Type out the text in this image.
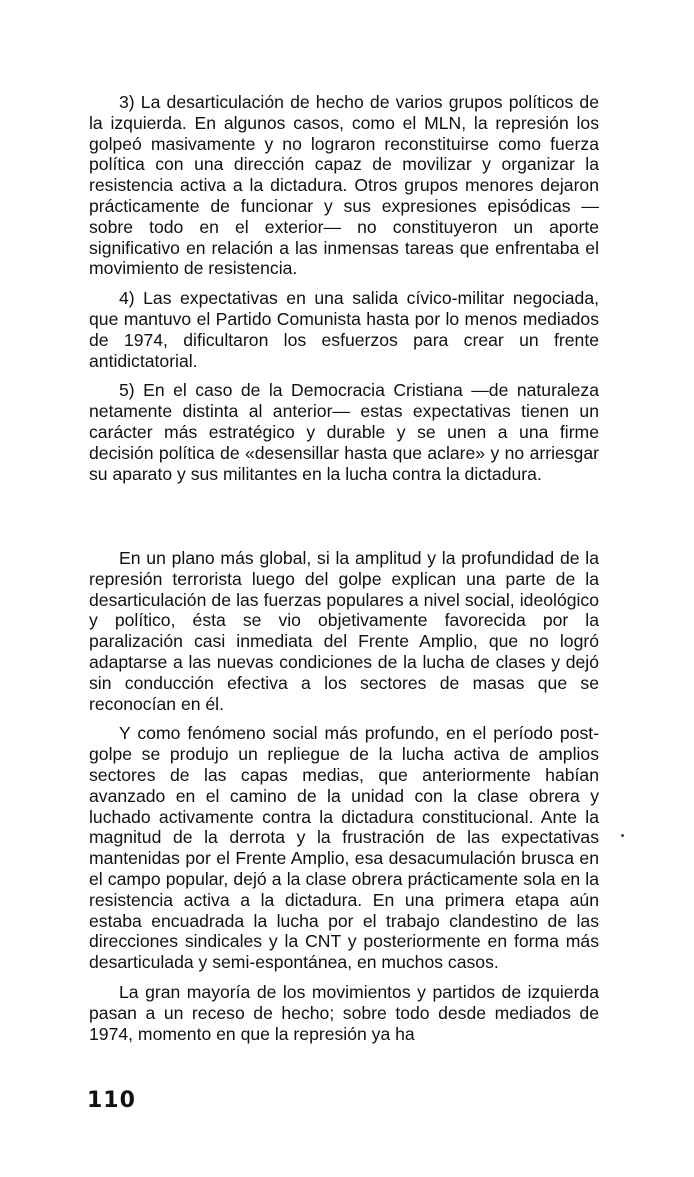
3) La desarticulación de hecho de varios grupos políticos de la izquierda. En algunos casos, como el MLN, la represión los golpeó masivamente y no lograron reconstituirse como fuerza política con una dirección capaz de movilizar y organizar la resistencia activa a la dictadura. Otros grupos menores dejaron prácticamente de funcionar y sus expresiones episódicas —sobre todo en el exterior— no constituyeron un aporte significativo en relación a las inmensas tareas que enfrentaba el movimiento de resistencia.

4) Las expectativas en una salida cívico-militar negociada, que mantuvo el Partido Comunista hasta por lo menos mediados de 1974, dificultaron los esfuerzos para crear un frente antidictatorial.

5) En el caso de la Democracia Cristiana —de naturaleza netamente distinta al anterior— estas expectativas tienen un carácter más estratégico y durable y se unen a una firme decisión política de «desensillar hasta que aclare» y no arriesgar su aparato y sus militantes en la lucha contra la dictadura.

En un plano más global, si la amplitud y la profundidad de la represión terrorista luego del golpe explican una parte de la desarticulación de las fuerzas populares a nivel social, ideológico y político, ésta se vio objetivamente favorecida por la paralización casi inmediata del Frente Amplio, que no logró adaptarse a las nuevas condiciones de la lucha de clases y dejó sin conducción efectiva a los sectores de masas que se reconocían en él.

Y como fenómeno social más profundo, en el período post-golpe se produjo un repliegue de la lucha activa de amplios sectores de las capas medias, que anteriormente habían avanzado en el camino de la unidad con la clase obrera y luchado activamente contra la dictadura constitucional. Ante la magnitud de la derrota y la frustración de las expectativas mantenidas por el Frente Amplio, esa desacumulación brusca en el campo popular, dejó a la clase obrera prácticamente sola en la resistencia activa a la dictadura. En una primera etapa aún estaba encuadrada la lucha por el trabajo clandestino de las direcciones sindicales y la CNT y posteriormente en forma más desarticulada y semi-espontánea, en muchos casos.

La gran mayoría de los movimientos y partidos de izquierda pasan a un receso de hecho; sobre todo desde mediados de 1974, momento en que la represión ya ha

110
